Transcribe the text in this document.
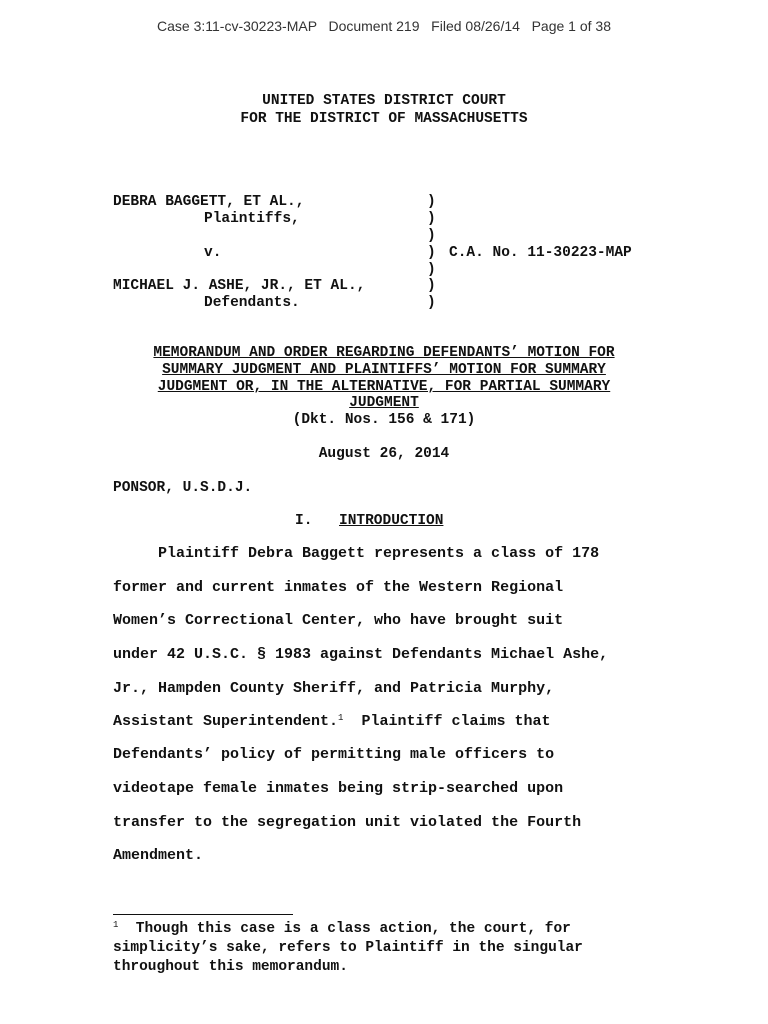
Case 3:11-cv-30223-MAP   Document 219   Filed 08/26/14   Page 1 of 38
UNITED STATES DISTRICT COURT
FOR THE DISTRICT OF MASSACHUSETTS
DEBRA BAGGETT, ET AL.,
Plaintiffs,
v.
MICHAEL J. ASHE, JR., ET AL.,
Defendants.
)
)
)
)
)
)
)
C.A. No. 11-30223-MAP
MEMORANDUM AND ORDER REGARDING DEFENDANTS’ MOTION FOR
SUMMARY JUDGMENT AND PLAINTIFFS’ MOTION FOR SUMMARY
JUDGMENT OR, IN THE ALTERNATIVE, FOR PARTIAL SUMMARY
JUDGMENT
(Dkt. Nos. 156 & 171)
August 26, 2014
PONSOR, U.S.D.J.
I. INTRODUCTION
Plaintiff Debra Baggett represents a class of 178
former and current inmates of the Western Regional
Women’s Correctional Center, who have brought suit
under 42 U.S.C. § 1983 against Defendants Michael Ashe,
Jr., Hampden County Sheriff, and Patricia Murphy,
Assistant Superintendent.$^1$  Plaintiff claims that
Defendants’ policy of permitting male officers to
videotape female inmates being strip-searched upon
transfer to the segregation unit violated the Fourth
Amendment.
$^1$  Though this case is a class action, the court, for
simplicity’s sake, refers to Plaintiff in the singular
throughout this memorandum.
